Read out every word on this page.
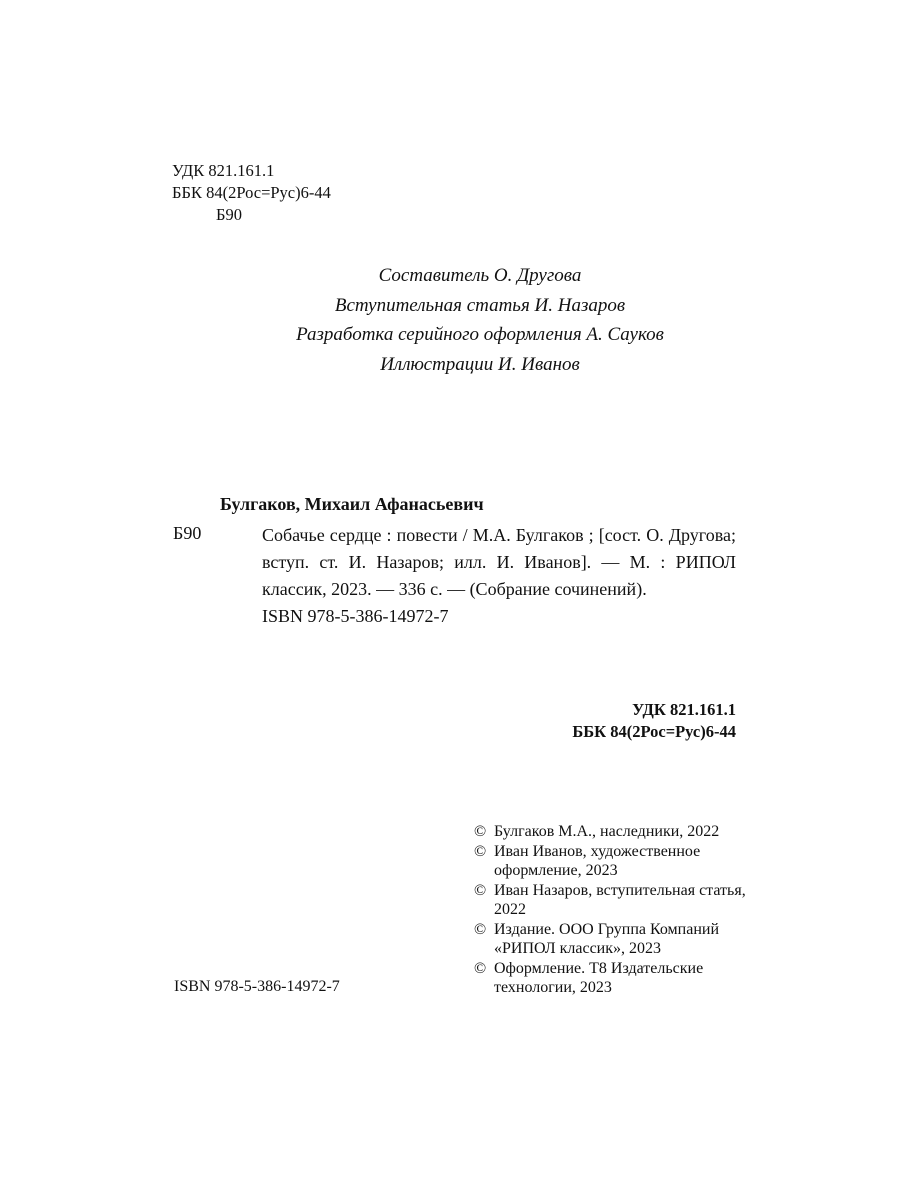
УДК 821.161.1
ББК 84(2Рос=Рус)6-44
Б90
Составитель О. Другова
Вступительная статья И. Назаров
Разработка серийного оформления А. Сауков
Иллюстрации И. Иванов
Булгаков, Михаил Афанасьевич
Б90	Собачье сердце : повести / М.А. Булгаков ; [сост. О. Другова; вступ. ст. И. Назаров; илл. И. Иванов]. — М. : РИПОЛ классик, 2023. — 336 с. — (Собрание сочинений).
ISBN 978-5-386-14972-7
УДК 821.161.1
ББК 84(2Рос=Рус)6-44
© Булгаков М.А., наследники, 2022
© Иван Иванов, художественное оформление, 2023
© Иван Назаров, вступительная статья, 2022
© Издание. ООО Группа Компаний «РИПОЛ классик», 2023
© Оформление. Т8 Издательские технологии, 2023
ISBN 978-5-386-14972-7
